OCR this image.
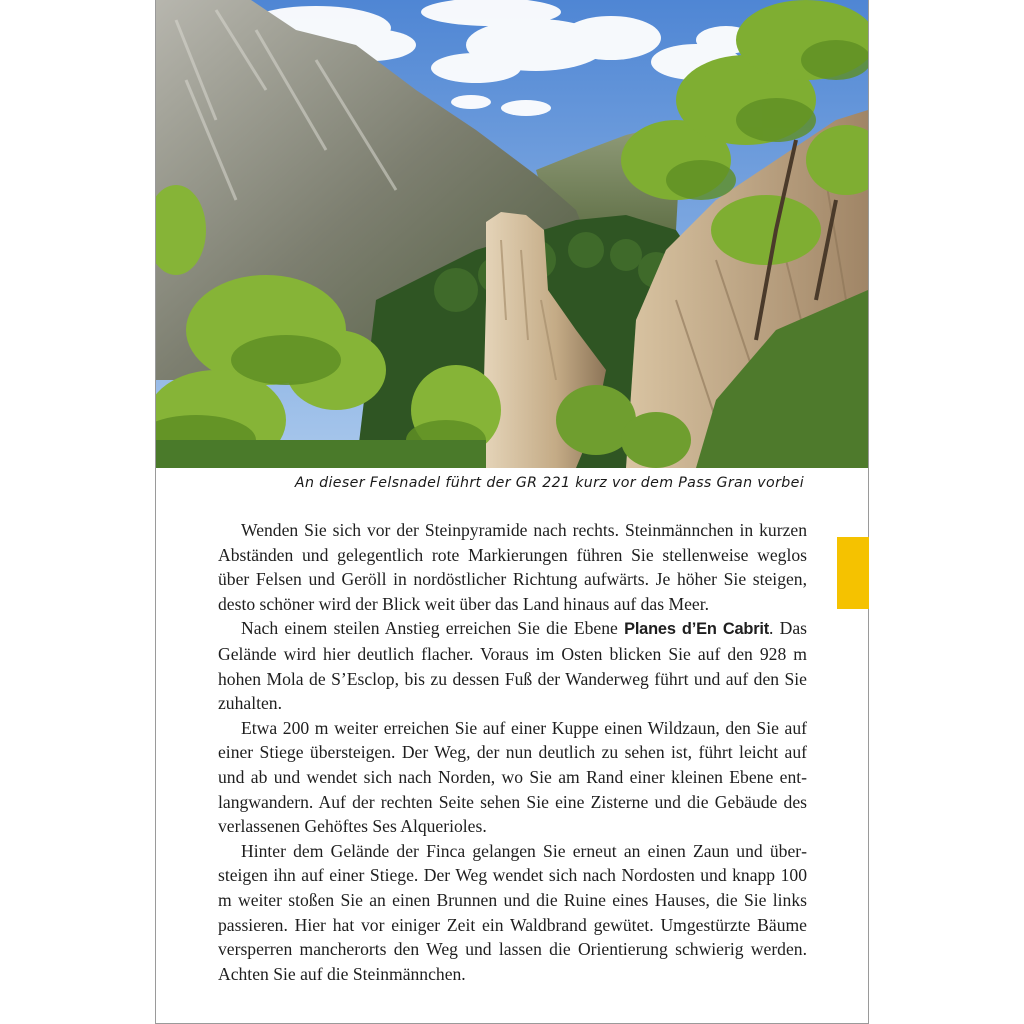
An dieser Felsnadel führt der GR 221 kurz vor dem Pass Gran vorbei

Wenden Sie sich vor der Steinpyramide nach rechts. Steinmännchen in kurzen Abständen und gelegentlich rote Markierungen führen Sie stellenweise weglos über Felsen und Geröll in nordöstlicher Richtung aufwärts. Je höher Sie steigen, desto schöner wird der Blick weit über das Land hinaus auf das Meer.

Nach einem steilen Anstieg erreichen Sie die Ebene Planes d’En Cabrit. Das Gelände wird hier deutlich flacher. Voraus im Osten blicken Sie auf den 928 m hohen Mola de S’Esclop, bis zu dessen Fuß der Wanderweg führt und auf den Sie zuhalten.

Etwa 200 m weiter erreichen Sie auf einer Kuppe einen Wildzaun, den Sie auf einer Stiege übersteigen. Der Weg, der nun deutlich zu sehen ist, führt leicht auf und ab und wendet sich nach Norden, wo Sie am Rand einer kleinen Ebene entlangwandern. Auf der rechten Seite sehen Sie eine Zisterne und die Gebäude des verlassenen Gehöftes Ses Alquerioles.

Hinter dem Gelände der Finca gelangen Sie erneut an einen Zaun und übersteigen ihn auf einer Stiege. Der Weg wendet sich nach Nordosten und knapp 100 m weiter stoßen Sie an einen Brunnen und die Ruine eines Hauses, die Sie links passieren. Hier hat vor einiger Zeit ein Waldbrand gewütet. Umgestürzte Bäume versperren mancherorts den Weg und lassen die Orientierung schwierig werden. Achten Sie auf die Steinmännchen.
